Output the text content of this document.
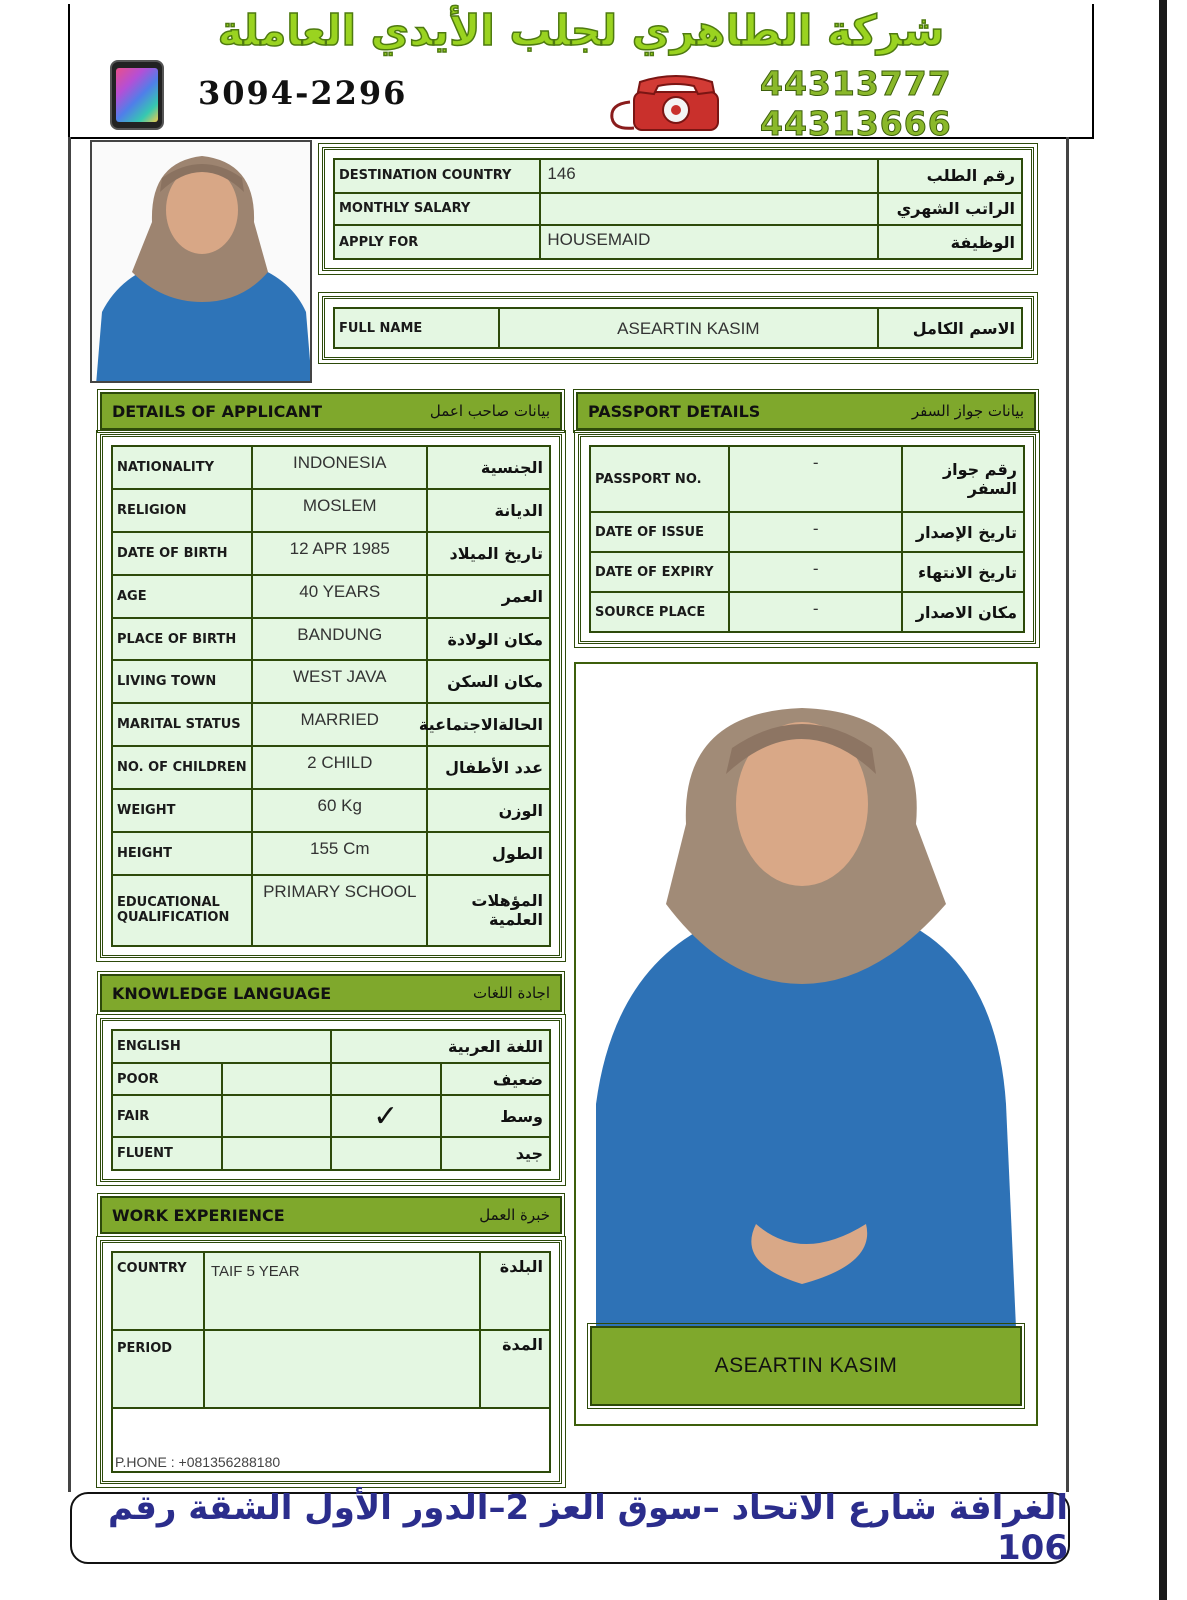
شركة الطاهري لجلب الأيدي العاملة
3094-2296	44313777
44313666
DESTINATION COUNTRY	146	رقم الطلب
MONTHLY SALARY		الراتب الشهري
APPLY FOR	HOUSEMAID	الوظيفة
FULL NAME	ASEARTIN KASIM	الاسم الكامل
DETAILS OF APPLICANT	بيانات صاحب اعمل PASSPORT DETAILS	بيانات جواز السفر
NATIONALITY	INDONESIA	الجنسية
RELIGION	MOSLEM	الديانة
DATE OF BIRTH	12 APR 1985	تاريخ الميلاد
AGE	40 YEARS	العمر
PLACE OF BIRTH	BANDUNG	مكان الولادة
LIVING TOWN	WEST JAVA	مكان السكن
MARITAL STATUS	MARRIED	الحالةالاجتماعية
NO. OF CHILDREN	2 CHILD	عدد الأطفال
WEIGHT	60 Kg	الوزن
HEIGHT	155 Cm	الطول
EDUCATIONAL QUALIFICATION	PRIMARY SCHOOL	المؤهلات العلمية
PASSPORT NO.	-	رقم جواز السفر
DATE OF ISSUE	-	تاريخ الإصدار
DATE OF EXPIRY	-	تاريخ الانتهاء
SOURCE PLACE	-	مكان الاصدار
ASEARTIN KASIM
KNOWLEDGE LANGUAGE	اجادة اللغات
ENGLISH		اللغة العربية	
POOR			ضعيف
FAIR		✓	وسط
FLUENT			جيد
WORK EXPERIENCE	خبرة العمل
COUNTRY	TAIF 5 YEAR	البلدة
PERIOD		المدة
P.HONE : +081356288180		
الغرافة شارع الاتحاد –سوق العز 2–الدور الأول الشقة رقم 106
